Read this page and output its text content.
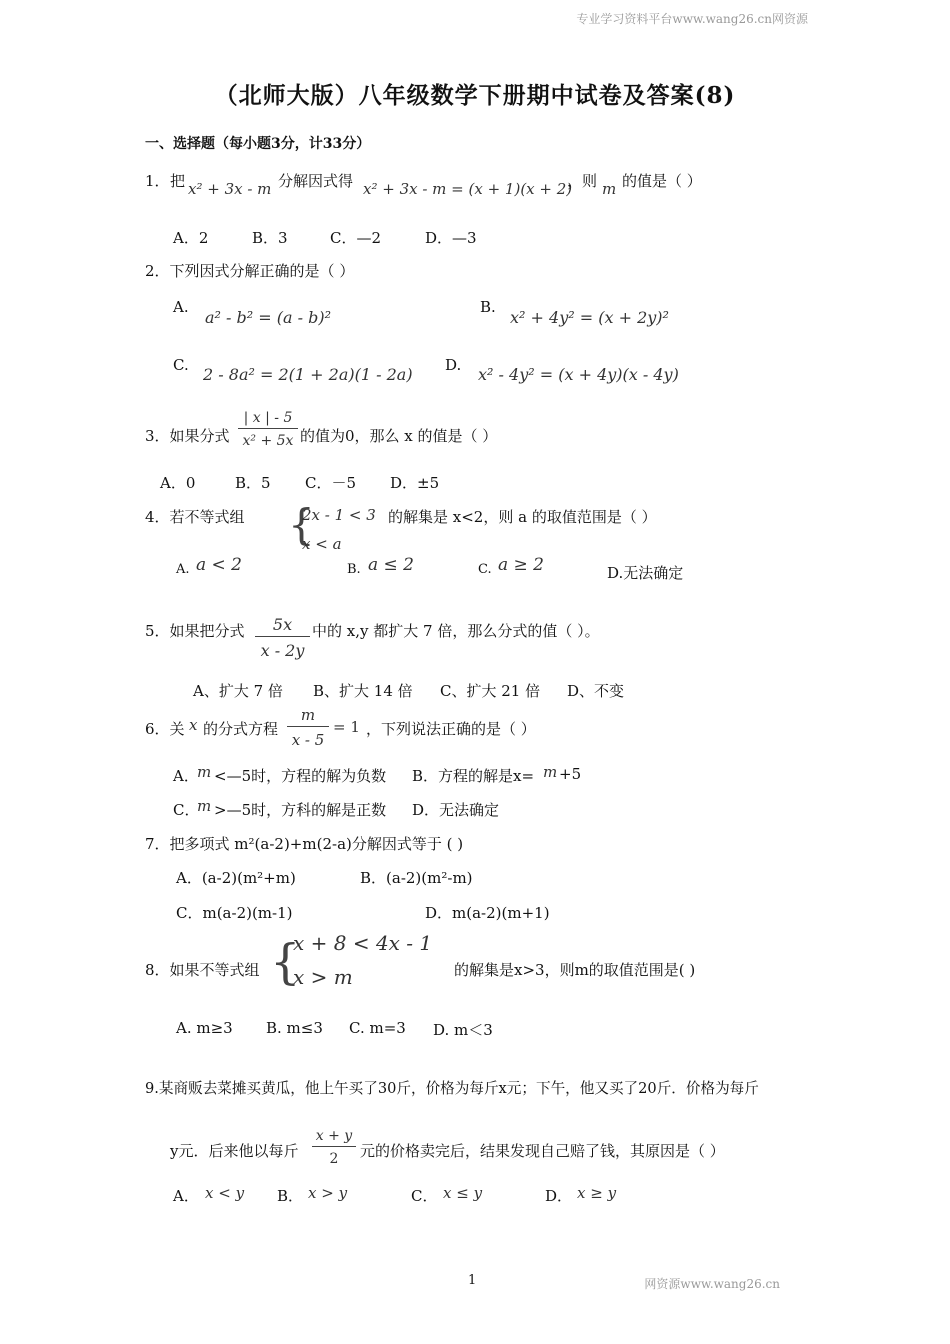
专业学习资料平台www.wang26.cn网资源
（北师大版）八年级数学下册期中试卷及答案(8)
一、选择题（每小题3分，计33分）
1． 把 x² + 3x - m 分解因式得 x² + 3x - m = (x + 1)(x + 2)
，则 m 的值是（ ）
A．2	B．3	C．—2	D．—3
2．下列因式分解正确的是（ ）
A.
a² - b² = (a - b)²
B.
x² + 4y² = (x + 2y)²
C. 2 - 8a² = 2(1 + 2a)(1 - 2a) D. x² - 4y² = (x + 4y)(x - 4y)
3．如果分式 $\frac{| x | - 5}{\text{x² + 5x}}$ 的值为0，那么 x 的值是（ ）
A．0	B．5 C．－5 D．±5
4．若不等式组 {
2x - 1 < 3
x < a
的解集是 x<2，则 a 的取值范围是（ ）
A. a < 2	B. a ≤ 2	C. a ≥ 2	D.无法确定
5．如果把分式 $\frac{5x}{x - 2y}$ 中的 x,y 都扩大 7 倍，那么分式的值（ ）。
A、扩大 7 倍 B、扩大 14 倍 C、扩大 21 倍 D、不变
6．关 x 的分式方程 $\frac{m}{x - 5} = 1$ ，下列说法正确的是（ ）
A．
m <—5时，方程的解为负数 B．方程的解是x= m +5
C．
m >—5时，方科的解是正数 D．无法确定
7．把多项式 m²(a-2)+m(2-a)分解因式等于 ( )
A．(a-2)(m²+m)	B．(a-2)(m²-m)
C．m(a-2)(m-1)	D．m(a-2)(m+1)
8．如果不等式组 {
x + 8 < 4x - 1
x > m	的解集是x>3，则m的取值范围是( )
A. m≥3 B. m≤3 C. m=3 D. m＜3
9.某商贩去菜摊买黄瓜，他上午买了30斤，价格为每斤x元；下午，他又买了20斤．价格为每斤
y元．后来他以每斤 $\frac{x + y}{2}$ 元的价格卖完后，结果发现自己赔了钱，其原因是（ ）
A． x < y B． x > y	C． x ≤ y	D． x ≥ y
1	网资源www.wang26.cn
